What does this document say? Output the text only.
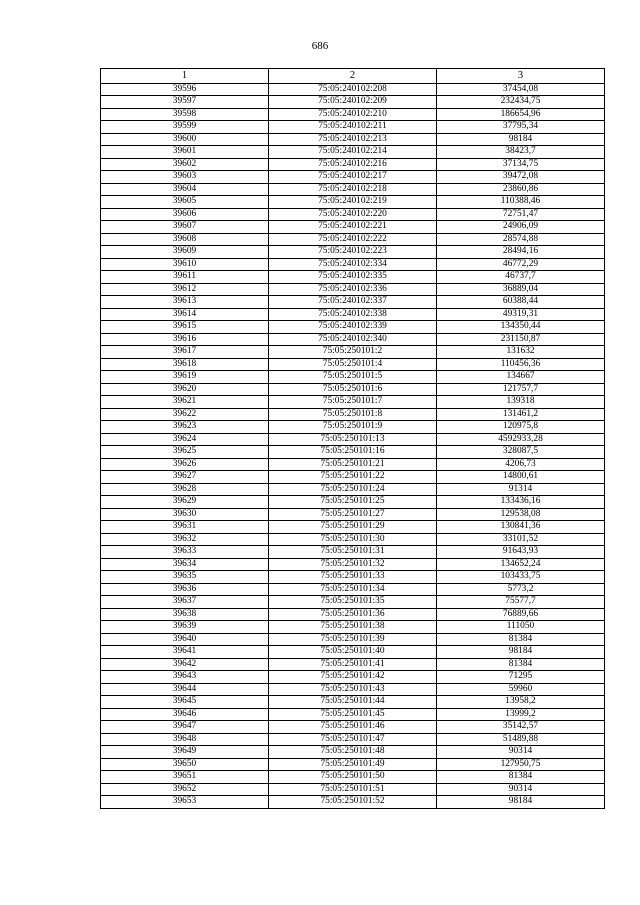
686
1	2	3
39596	75:05:240102:208	37454,08
39597	75:05:240102:209	232434,75
39598	75:05:240102:210	186654,96
39599	75:05:240102:211	37795,34
39600	75:05:240102:213	98184
39601	75:05:240102:214	38423,7
39602	75:05:240102:216	37134,75
39603	75:05:240102:217	39472,08
39604	75:05:240102:218	23860,86
39605	75:05:240102:219	110388,46
39606	75:05:240102:220	72751,47
39607	75:05:240102:221	24906,09
39608	75:05:240102:222	28574,88
39609	75:05:240102:223	28494,16
39610	75:05:240102:334	46772,29
39611	75:05:240102:335	46737,7
39612	75:05:240102:336	36889,04
39613	75:05:240102:337	60388,44
39614	75:05:240102:338	49319,31
39615	75:05:240102:339	134350,44
39616	75:05:240102:340	231150,87
39617	75:05:250101:2	131632
39618	75:05:250101:4	110456,36
39619	75:05:250101:5	134667
39620	75:05:250101:6	121757,7
39621	75:05:250101:7	139318
39622	75:05:250101:8	131461,2
39623	75:05:250101:9	120975,8
39624	75:05:250101:13	4592933,28
39625	75:05:250101:16	328087,5
39626	75:05:250101:21	4206,73
39627	75:05:250101:22	14800,61
39628	75:05:250101:24	91314
39629	75:05:250101:25	133436,16
39630	75:05:250101:27	129538,08
39631	75:05:250101:29	130841,36
39632	75:05:250101:30	33101,52
39633	75:05:250101:31	91643,93
39634	75:05:250101:32	134652,24
39635	75:05:250101:33	103433,75
39636	75:05:250101:34	5773,2
39637	75:05:250101:35	75577,7
39638	75:05:250101:36	76889,66
39639	75:05:250101:38	111050
39640	75:05:250101:39	81384
39641	75:05:250101:40	98184
39642	75:05:250101:41	81384
39643	75:05:250101:42	71295
39644	75:05:250101:43	59960
39645	75:05:250101:44	13958,2
39646	75:05:250101:45	13999,2
39647	75:05:250101:46	35142,57
39648	75:05:250101:47	51489,88
39649	75:05:250101:48	90314
39650	75:05:250101:49	127950,75
39651	75:05:250101:50	81384
39652	75:05:250101:51	90314
39653	75:05:250101:52	98184
